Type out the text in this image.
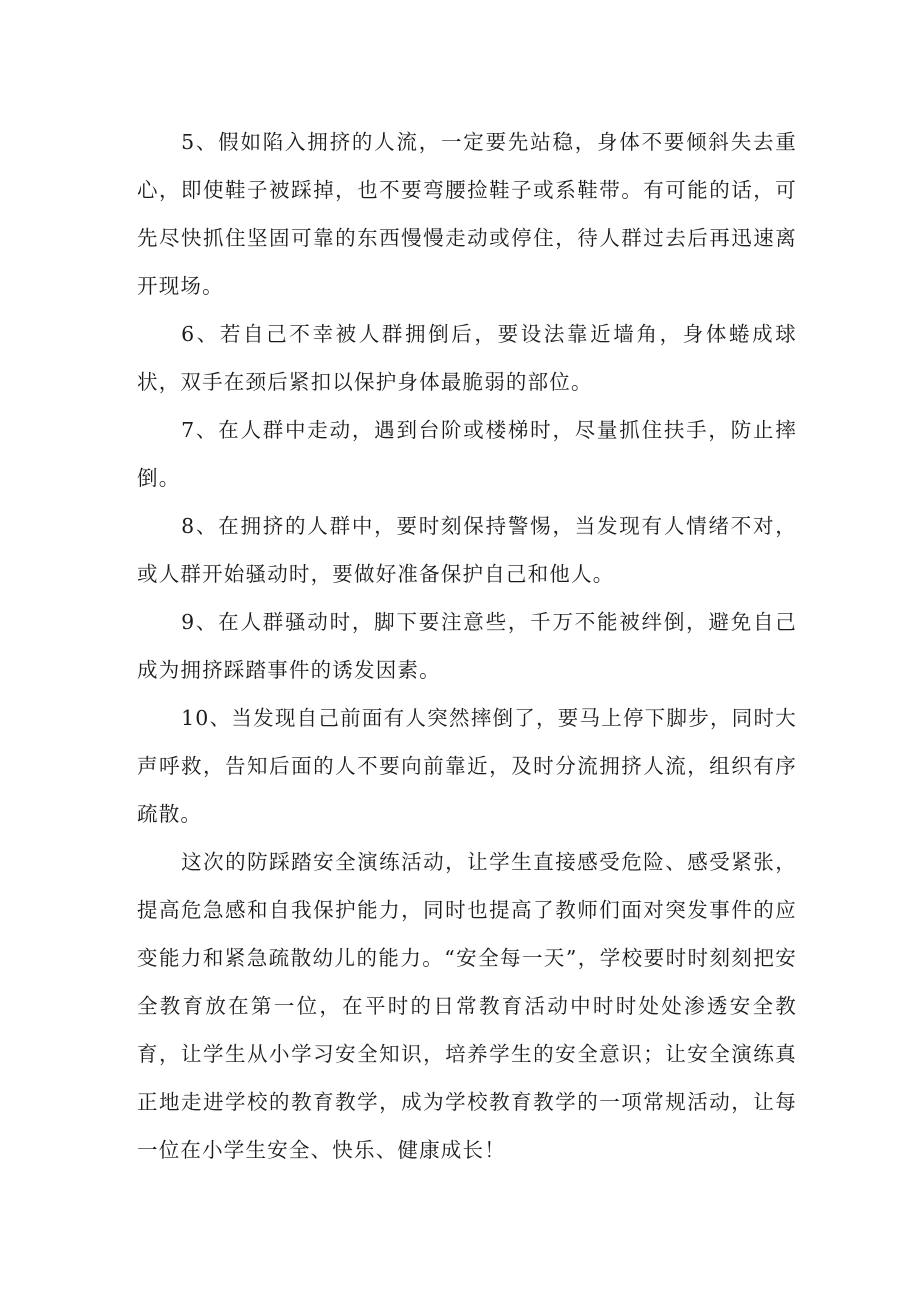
5、假如陷入拥挤的人流，一定要先站稳，身体不要倾斜失去重心，即使鞋子被踩掉，也不要弯腰捡鞋子或系鞋带。有可能的话，可先尽快抓住坚固可靠的东西慢慢走动或停住，待人群过去后再迅速离开现场。

6、若自己不幸被人群拥倒后，要设法靠近墙角，身体蜷成球状，双手在颈后紧扣以保护身体最脆弱的部位。

7、在人群中走动，遇到台阶或楼梯时，尽量抓住扶手，防止摔倒。

8、在拥挤的人群中，要时刻保持警惕，当发现有人情绪不对，或人群开始骚动时，要做好准备保护自己和他人。

9、在人群骚动时，脚下要注意些，千万不能被绊倒，避免自己成为拥挤踩踏事件的诱发因素。

10、当发现自己前面有人突然摔倒了，要马上停下脚步，同时大声呼救，告知后面的人不要向前靠近，及时分流拥挤人流，组织有序疏散。

这次的防踩踏安全演练活动，让学生直接感受危险、感受紧张，提高危急感和自我保护能力，同时也提高了教师们面对突发事件的应变能力和紧急疏散幼儿的能力。“安全每一天”，学校要时时刻刻把安全教育放在第一位，在平时的日常教育活动中时时处处渗透安全教育，让学生从小学习安全知识，培养学生的安全意识；让安全演练真正地走进学校的教育教学，成为学校教育教学的一项常规活动，让每一位在小学生安全、快乐、健康成长！
